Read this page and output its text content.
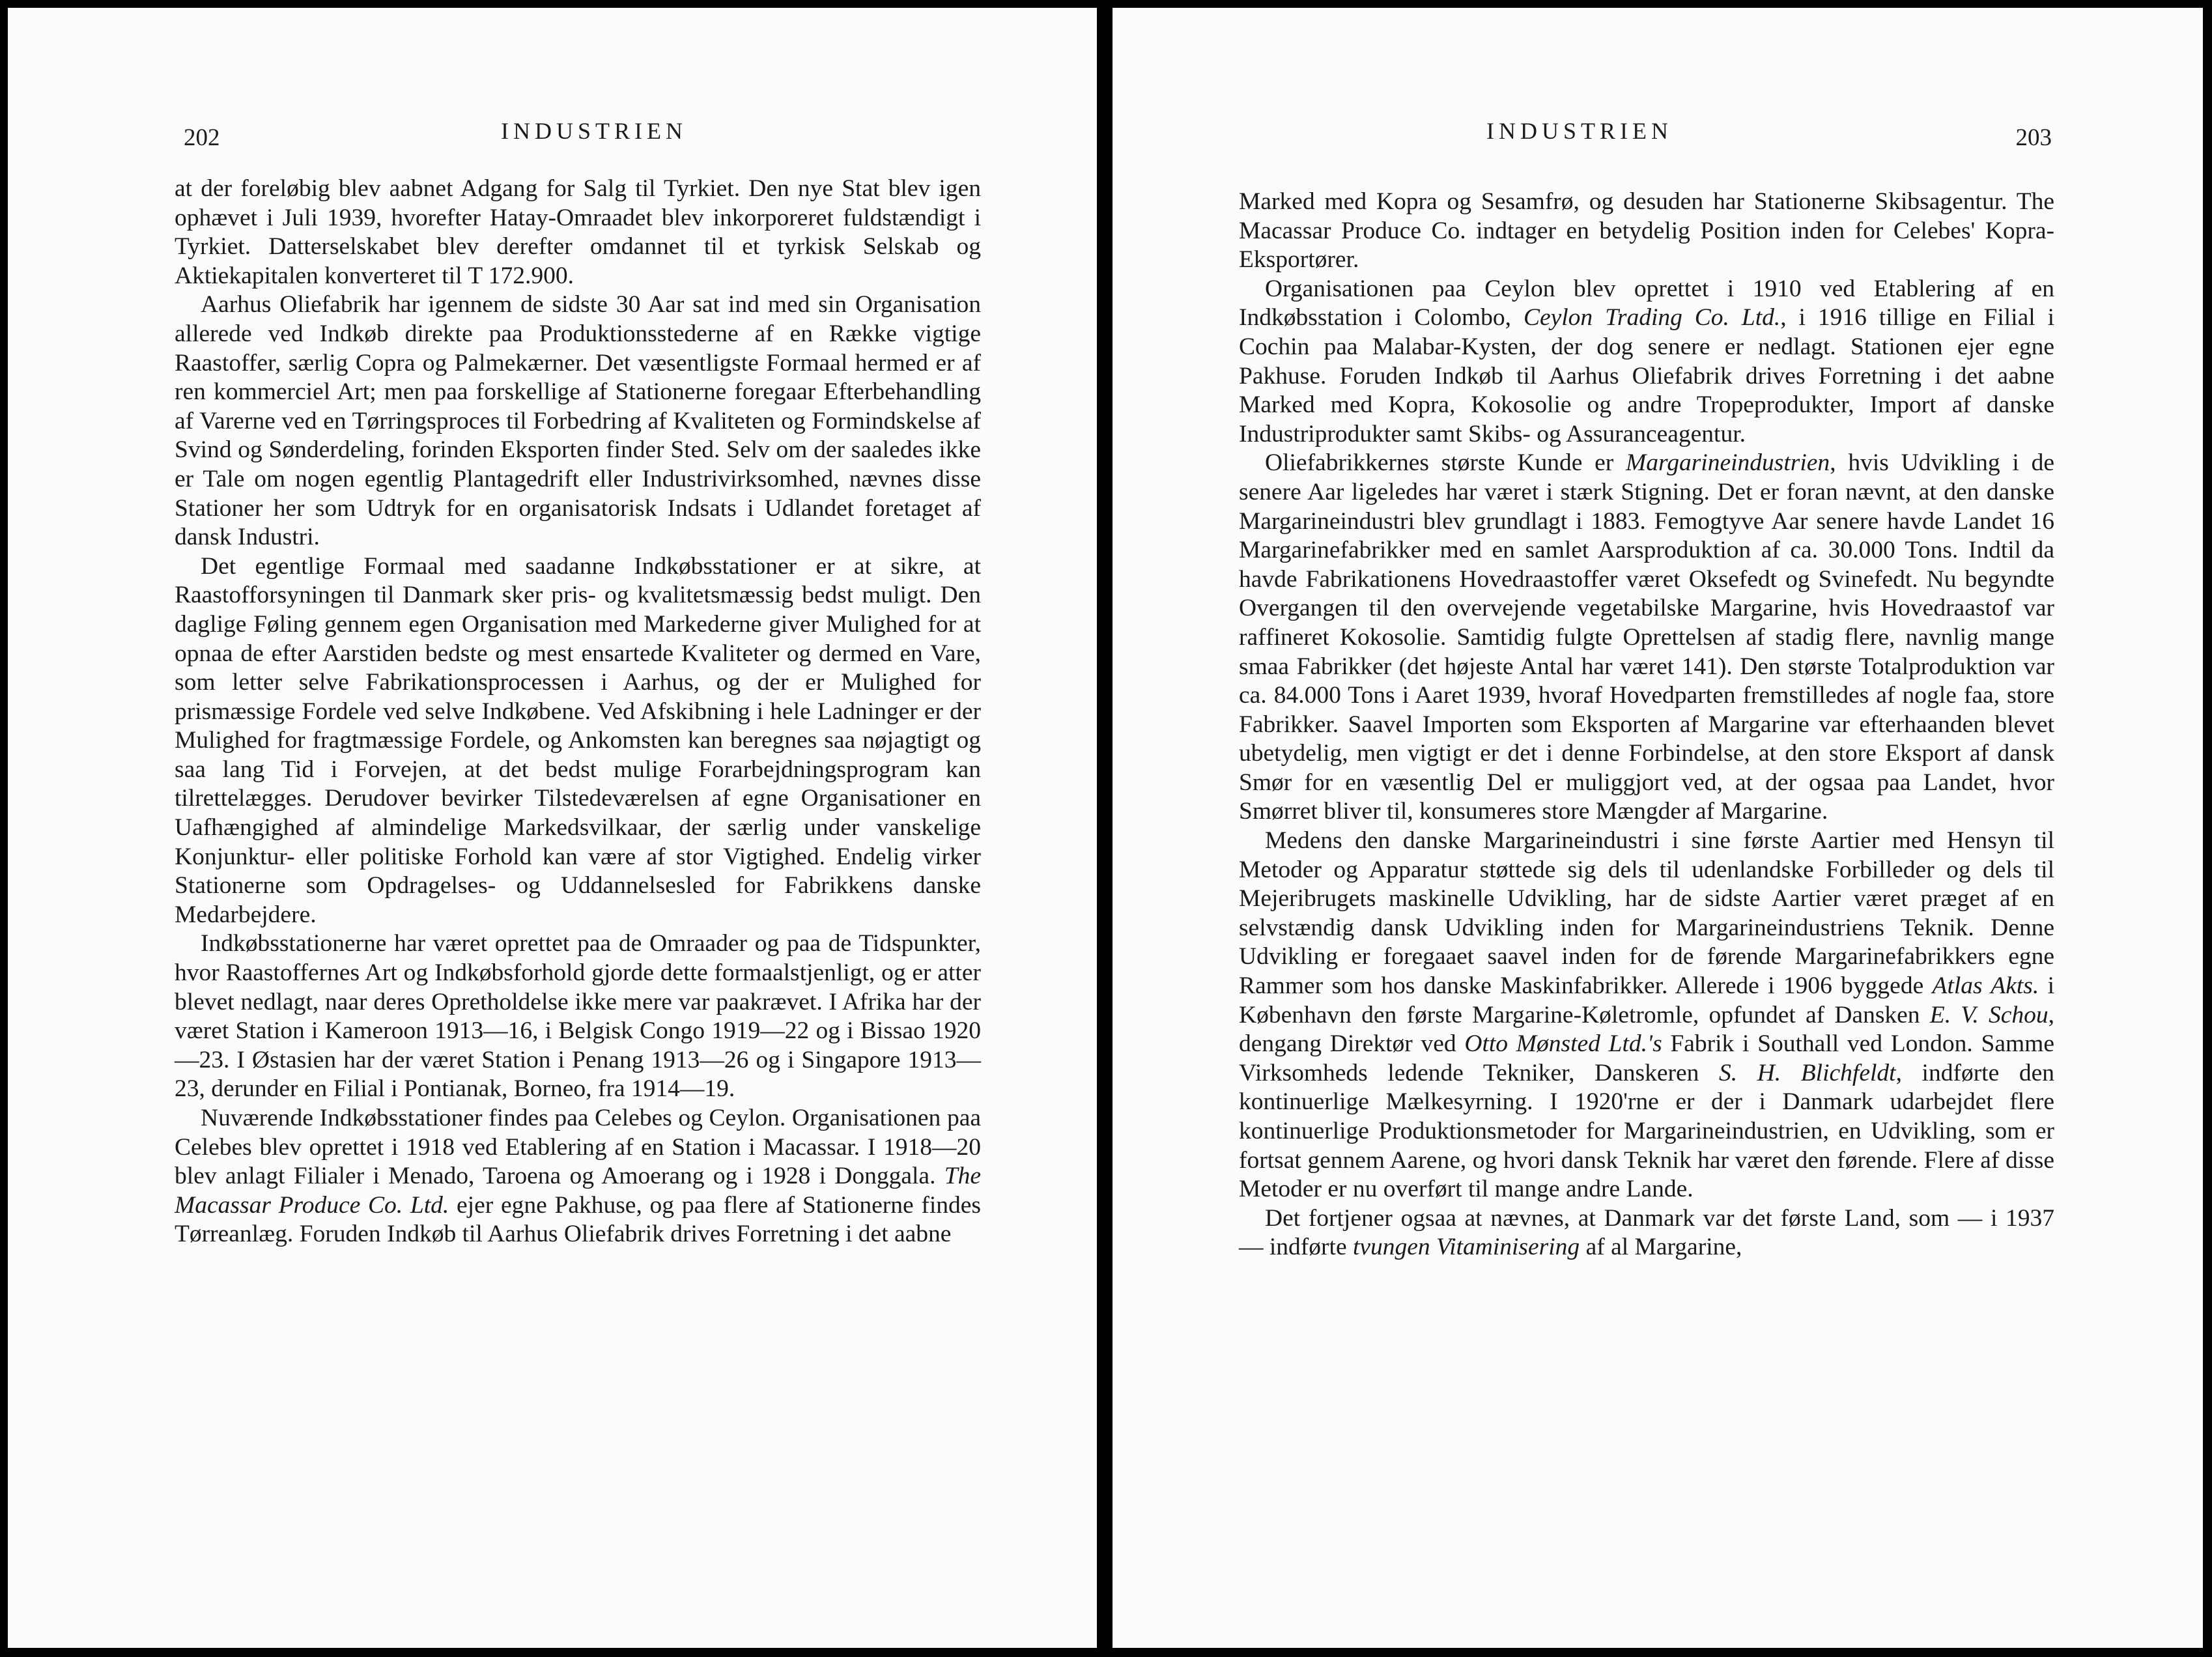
202	INDUSTRIEN

at der foreløbig blev aabnet Adgang for Salg til Tyrkiet. Den nye Stat blev igen ophævet i Juli 1939, hvorefter Hatay-Omraadet blev inkorporeret fuldstændigt i Tyrkiet. Datterselskabet blev derefter omdannet til et tyrkisk Selskab og Aktiekapitalen konverteret til T 172.900.

Aarhus Oliefabrik har igennem de sidste 30 Aar sat ind med sin Organisation allerede ved Indkøb direkte paa Produktionsstederne af en Række vigtige Raastoffer, særlig Copra og Palmekærner. Det væsentligste Formaal hermed er af ren kommerciel Art; men paa forskellige af Stationerne foregaar Efterbehandling af Varerne ved en Tørringsproces til Forbedring af Kvaliteten og Formindskelse af Svind og Sønderdeling, forinden Eksporten finder Sted. Selv om der saaledes ikke er Tale om nogen egentlig Plantagedrift eller Industrivirksomhed, nævnes disse Stationer her som Udtryk for en organisatorisk Indsats i Udlandet foretaget af dansk Industri.

Det egentlige Formaal med saadanne Indkøbsstationer er at sikre, at Raastofforsyningen til Danmark sker pris- og kvalitetsmæssig bedst muligt. Den daglige Føling gennem egen Organisation med Markederne giver Mulighed for at opnaa de efter Aarstiden bedste og mest ensartede Kvaliteter og dermed en Vare, som letter selve Fabrikationsprocessen i Aarhus, og der er Mulighed for prismæssige Fordele ved selve Indkøbene. Ved Afskibning i hele Ladninger er der Mulighed for fragtmæssige Fordele, og Ankomsten kan beregnes saa nøjagtigt og saa lang Tid i Forvejen, at det bedst mulige Forarbejdningsprogram kan tilrettelægges. Derudover bevirker Tilstedeværelsen af egne Organisationer en Uafhængighed af almindelige Markedsvilkaar, der særlig under vanskelige Konjunktur- eller politiske Forhold kan være af stor Vigtighed. Endelig virker Stationerne som Opdragelses- og Uddannelsesled for Fabrikkens danske Medarbejdere.

Indkøbsstationerne har været oprettet paa de Omraader og paa de Tidspunkter, hvor Raastoffernes Art og Indkøbsforhold gjorde dette formaalstjenligt, og er atter blevet nedlagt, naar deres Opretholdelse ikke mere var paakrævet. I Afrika har der været Station i Kameroon 1913—16, i Belgisk Congo 1919—22 og i Bissao 1920—23. I Østasien har der været Station i Penang 1913—26 og i Singapore 1913—23, derunder en Filial i Pontianak, Borneo, fra 1914—19.

Nuværende Indkøbsstationer findes paa Celebes og Ceylon. Organisationen paa Celebes blev oprettet i 1918 ved Etablering af en Station i Macassar. I 1918—20 blev anlagt Filialer i Menado, Taroena og Amoerang og i 1928 i Donggala. The Macassar Produce Co. Ltd. ejer egne Pakhuse, og paa flere af Stationerne findes Tørreanlæg. Foruden Indkøb til Aarhus Oliefabrik drives Forretning i det aabne

INDUSTRIEN	203

Marked med Kopra og Sesamfrø, og desuden har Stationerne Skibsagentur. The Macassar Produce Co. indtager en betydelig Position inden for Celebes' Kopra-Eksportører.

Organisationen paa Ceylon blev oprettet i 1910 ved Etablering af en Indkøbsstation i Colombo, Ceylon Trading Co. Ltd., i 1916 tillige en Filial i Cochin paa Malabar-Kysten, der dog senere er nedlagt. Stationen ejer egne Pakhuse. Foruden Indkøb til Aarhus Oliefabrik drives Forretning i det aabne Marked med Kopra, Kokosolie og andre Tropeprodukter, Import af danske Industriprodukter samt Skibs- og Assuranceagentur.

Oliefabrikkernes største Kunde er Margarineindustrien, hvis Udvikling i de senere Aar ligeledes har været i stærk Stigning. Det er foran nævnt, at den danske Margarineindustri blev grundlagt i 1883. Femogtyve Aar senere havde Landet 16 Margarinefabrikker med en samlet Aarsproduktion af ca. 30.000 Tons. Indtil da havde Fabrikationens Hovedraastoffer været Oksefedt og Svinefedt. Nu begyndte Overgangen til den overvejende vegetabilske Margarine, hvis Hovedraastof var raffineret Kokosolie. Samtidig fulgte Oprettelsen af stadig flere, navnlig mange smaa Fabrikker (det højeste Antal har været 141). Den største Totalproduktion var ca. 84.000 Tons i Aaret 1939, hvoraf Hovedparten fremstilledes af nogle faa, store Fabrikker. Saavel Importen som Eksporten af Margarine var efterhaanden blevet ubetydelig, men vigtigt er det i denne Forbindelse, at den store Eksport af dansk Smør for en væsentlig Del er muliggjort ved, at der ogsaa paa Landet, hvor Smørret bliver til, konsumeres store Mængder af Margarine.

Medens den danske Margarineindustri i sine første Aartier med Hensyn til Metoder og Apparatur støttede sig dels til udenlandske Forbilleder og dels til Mejeribrugets maskinelle Udvikling, har de sidste Aartier været præget af en selvstændig dansk Udvikling inden for Margarineindustriens Teknik. Denne Udvikling er foregaaet saavel inden for de førende Margarinefabrikkers egne Rammer som hos danske Maskinfabrikker. Allerede i 1906 byggede Atlas Akts. i København den første Margarine-Køletromle, opfundet af Dansken E. V. Schou, dengang Direktør ved Otto Mønsted Ltd.'s Fabrik i Southall ved London. Samme Virksomheds ledende Tekniker, Danskeren S. H. Blichfeldt, indførte den kontinuerlige Mælkesyrning. I 1920'rne er der i Danmark udarbejdet flere kontinuerlige Produktionsmetoder for Margarineindustrien, en Udvikling, som er fortsat gennem Aarene, og hvori dansk Teknik har været den førende. Flere af disse Metoder er nu overført til mange andre Lande.

Det fortjener ogsaa at nævnes, at Danmark var det første Land, som — i 1937 — indførte tvungen Vitaminisering af al Margarine,
